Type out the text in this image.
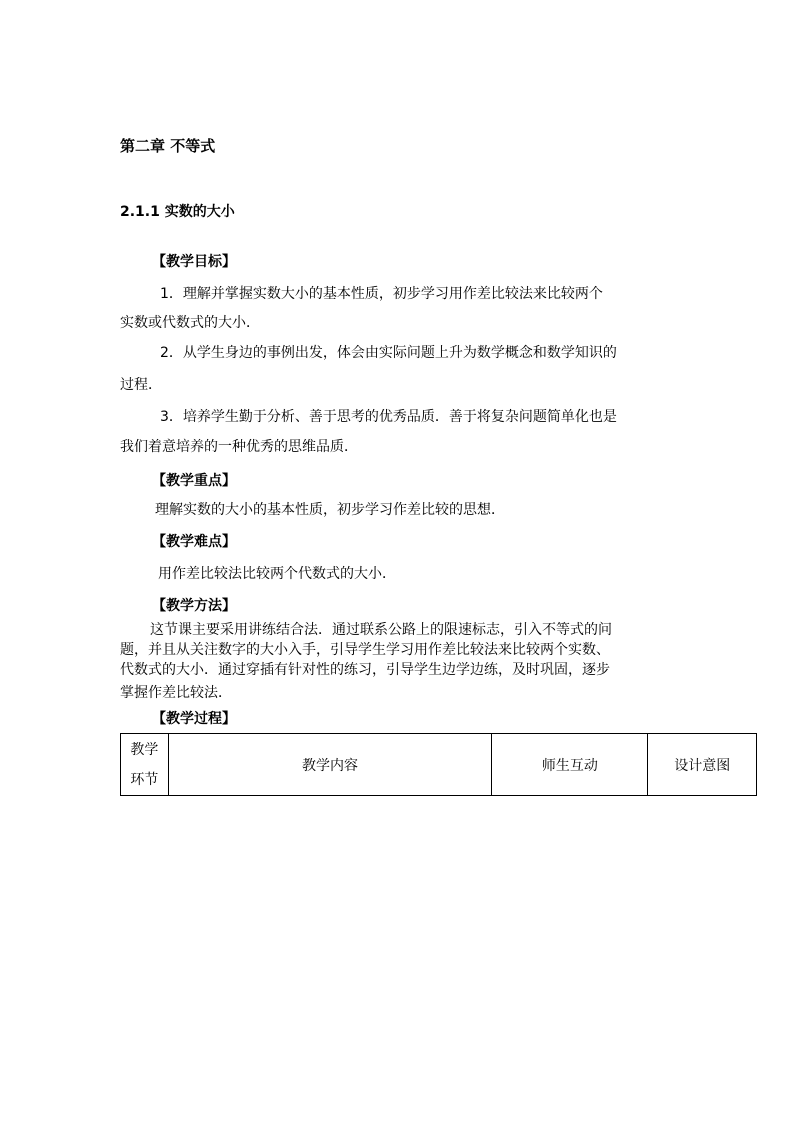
第二章 不等式
2.1.1 实数的大小
【教学目标】
1．理解并掌握实数大小的基本性质，初步学习用作差比较法来比较两个
实数或代数式的大小．
2．从学生身边的事例出发，体会由实际问题上升为数学概念和数学知识的
过程．
3．培养学生勤于分析、善于思考的优秀品质．善于将复杂问题简单化也是
我们着意培养的一种优秀的思维品质．
【教学重点】
理解实数的大小的基本性质，初步学习作差比较的思想．
【教学难点】
用作差比较法比较两个代数式的大小．
【教学方法】
这节课主要采用讲练结合法．通过联系公路上的限速标志，引入不等式的问
题，并且从关注数字的大小入手，引导学生学习用作差比较法来比较两个实数、
代数式的大小．通过穿插有针对性的练习，引导学生边学边练，及时巩固，逐步
掌握作差比较法．
【教学过程】
教学
环节
	教学内容	师生互动	设计意图
